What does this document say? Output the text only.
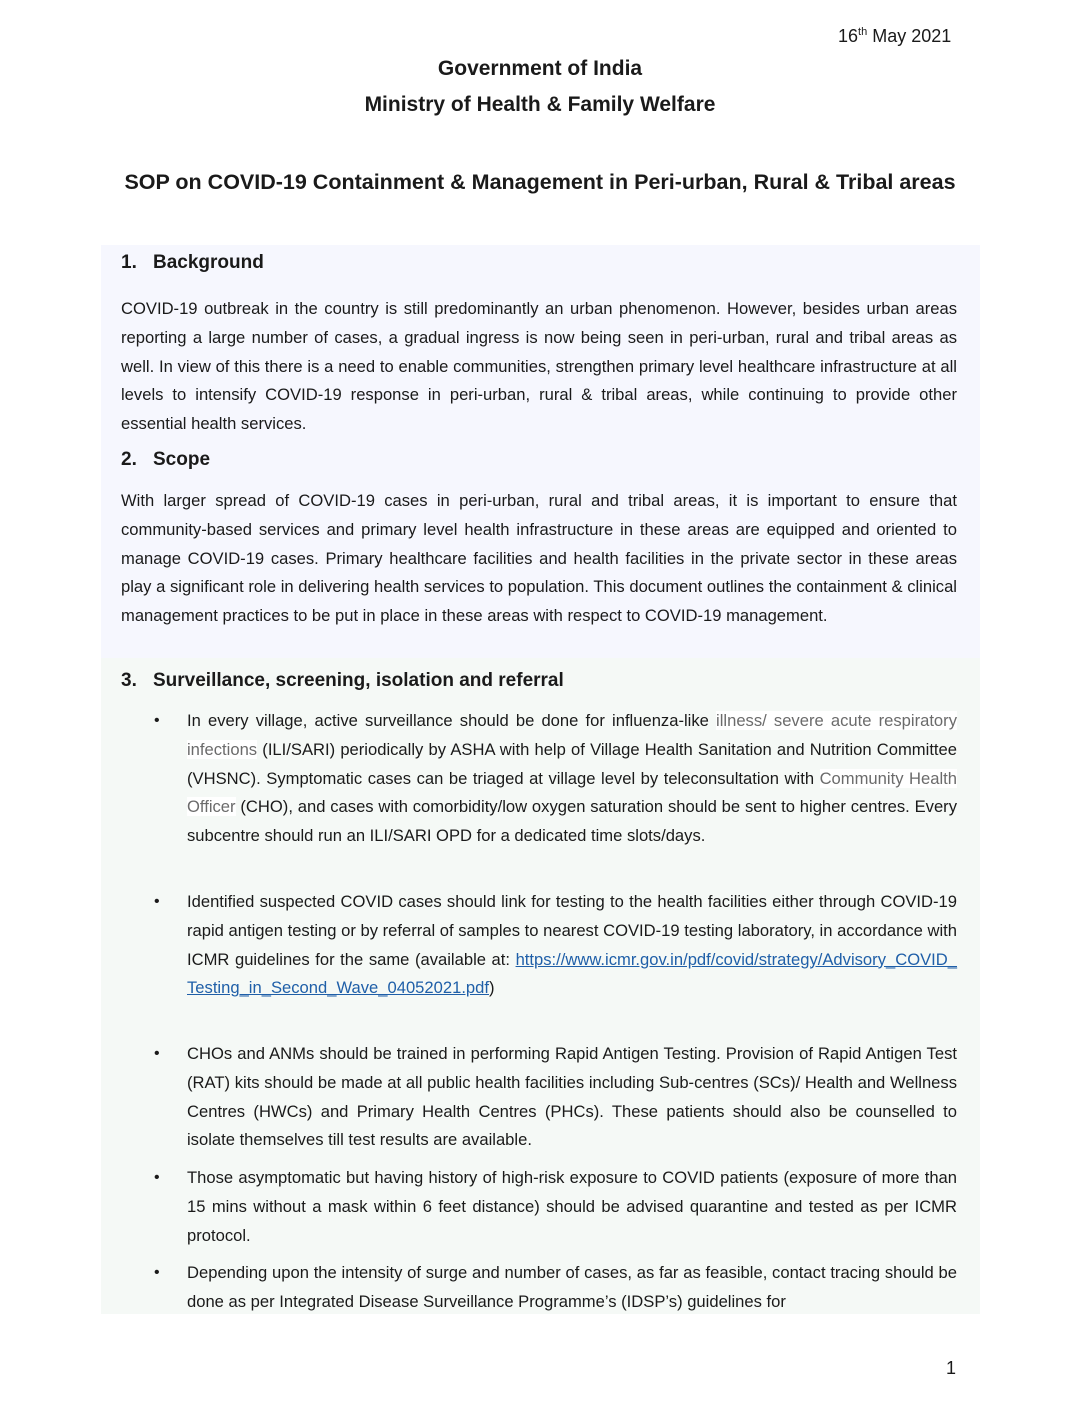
16th May 2021
Government of India
Ministry of Health & Family Welfare
SOP on COVID-19 Containment & Management in Peri-urban, Rural & Tribal areas
1. Background
COVID-19 outbreak in the country is still predominantly an urban phenomenon. However, besides urban areas reporting a large number of cases, a gradual ingress is now being seen in peri-urban, rural and tribal areas as well. In view of this there is a need to enable communities, strengthen primary level healthcare infrastructure at all levels to intensify COVID-19 response in peri-urban, rural & tribal areas, while continuing to provide other essential health services.
2. Scope
With larger spread of COVID-19 cases in peri-urban, rural and tribal areas, it is important to ensure that community-based services and primary level health infrastructure in these areas are equipped and oriented to manage COVID-19 cases. Primary healthcare facilities and health facilities in the private sector in these areas play a significant role in delivering health services to population. This document outlines the containment & clinical management practices to be put in place in these areas with respect to COVID-19 management.
3. Surveillance, screening, isolation and referral
• In every village, active surveillance should be done for influenza-like illness/ severe acute respiratory infections (ILI/SARI) periodically by ASHA with help of Village Health Sanitation and Nutrition Committee (VHSNC). Symptomatic cases can be triaged at village level by teleconsultation with Community Health Officer (CHO), and cases with comorbidity/low oxygen saturation should be sent to higher centres. Every subcentre should run an ILI/SARI OPD for a dedicated time slots/days.
• Identified suspected COVID cases should link for testing to the health facilities either through COVID-19 rapid antigen testing or by referral of samples to nearest COVID-19 testing laboratory, in accordance with ICMR guidelines for the same (available at: https://www.icmr.gov.in/pdf/covid/strategy/Advisory_COVID_Testing_in_Second_Wave_04052021.pdf)
• CHOs and ANMs should be trained in performing Rapid Antigen Testing. Provision of Rapid Antigen Test (RAT) kits should be made at all public health facilities including Sub-centres (SCs)/ Health and Wellness Centres (HWCs) and Primary Health Centres (PHCs). These patients should also be counselled to isolate themselves till test results are available.
• Those asymptomatic but having history of high-risk exposure to COVID patients (exposure of more than 15 mins without a mask within 6 feet distance) should be advised quarantine and tested as per ICMR protocol.
• Depending upon the intensity of surge and number of cases, as far as feasible, contact tracing should be done as per Integrated Disease Surveillance Programme’s (IDSP’s) guidelines for
1
